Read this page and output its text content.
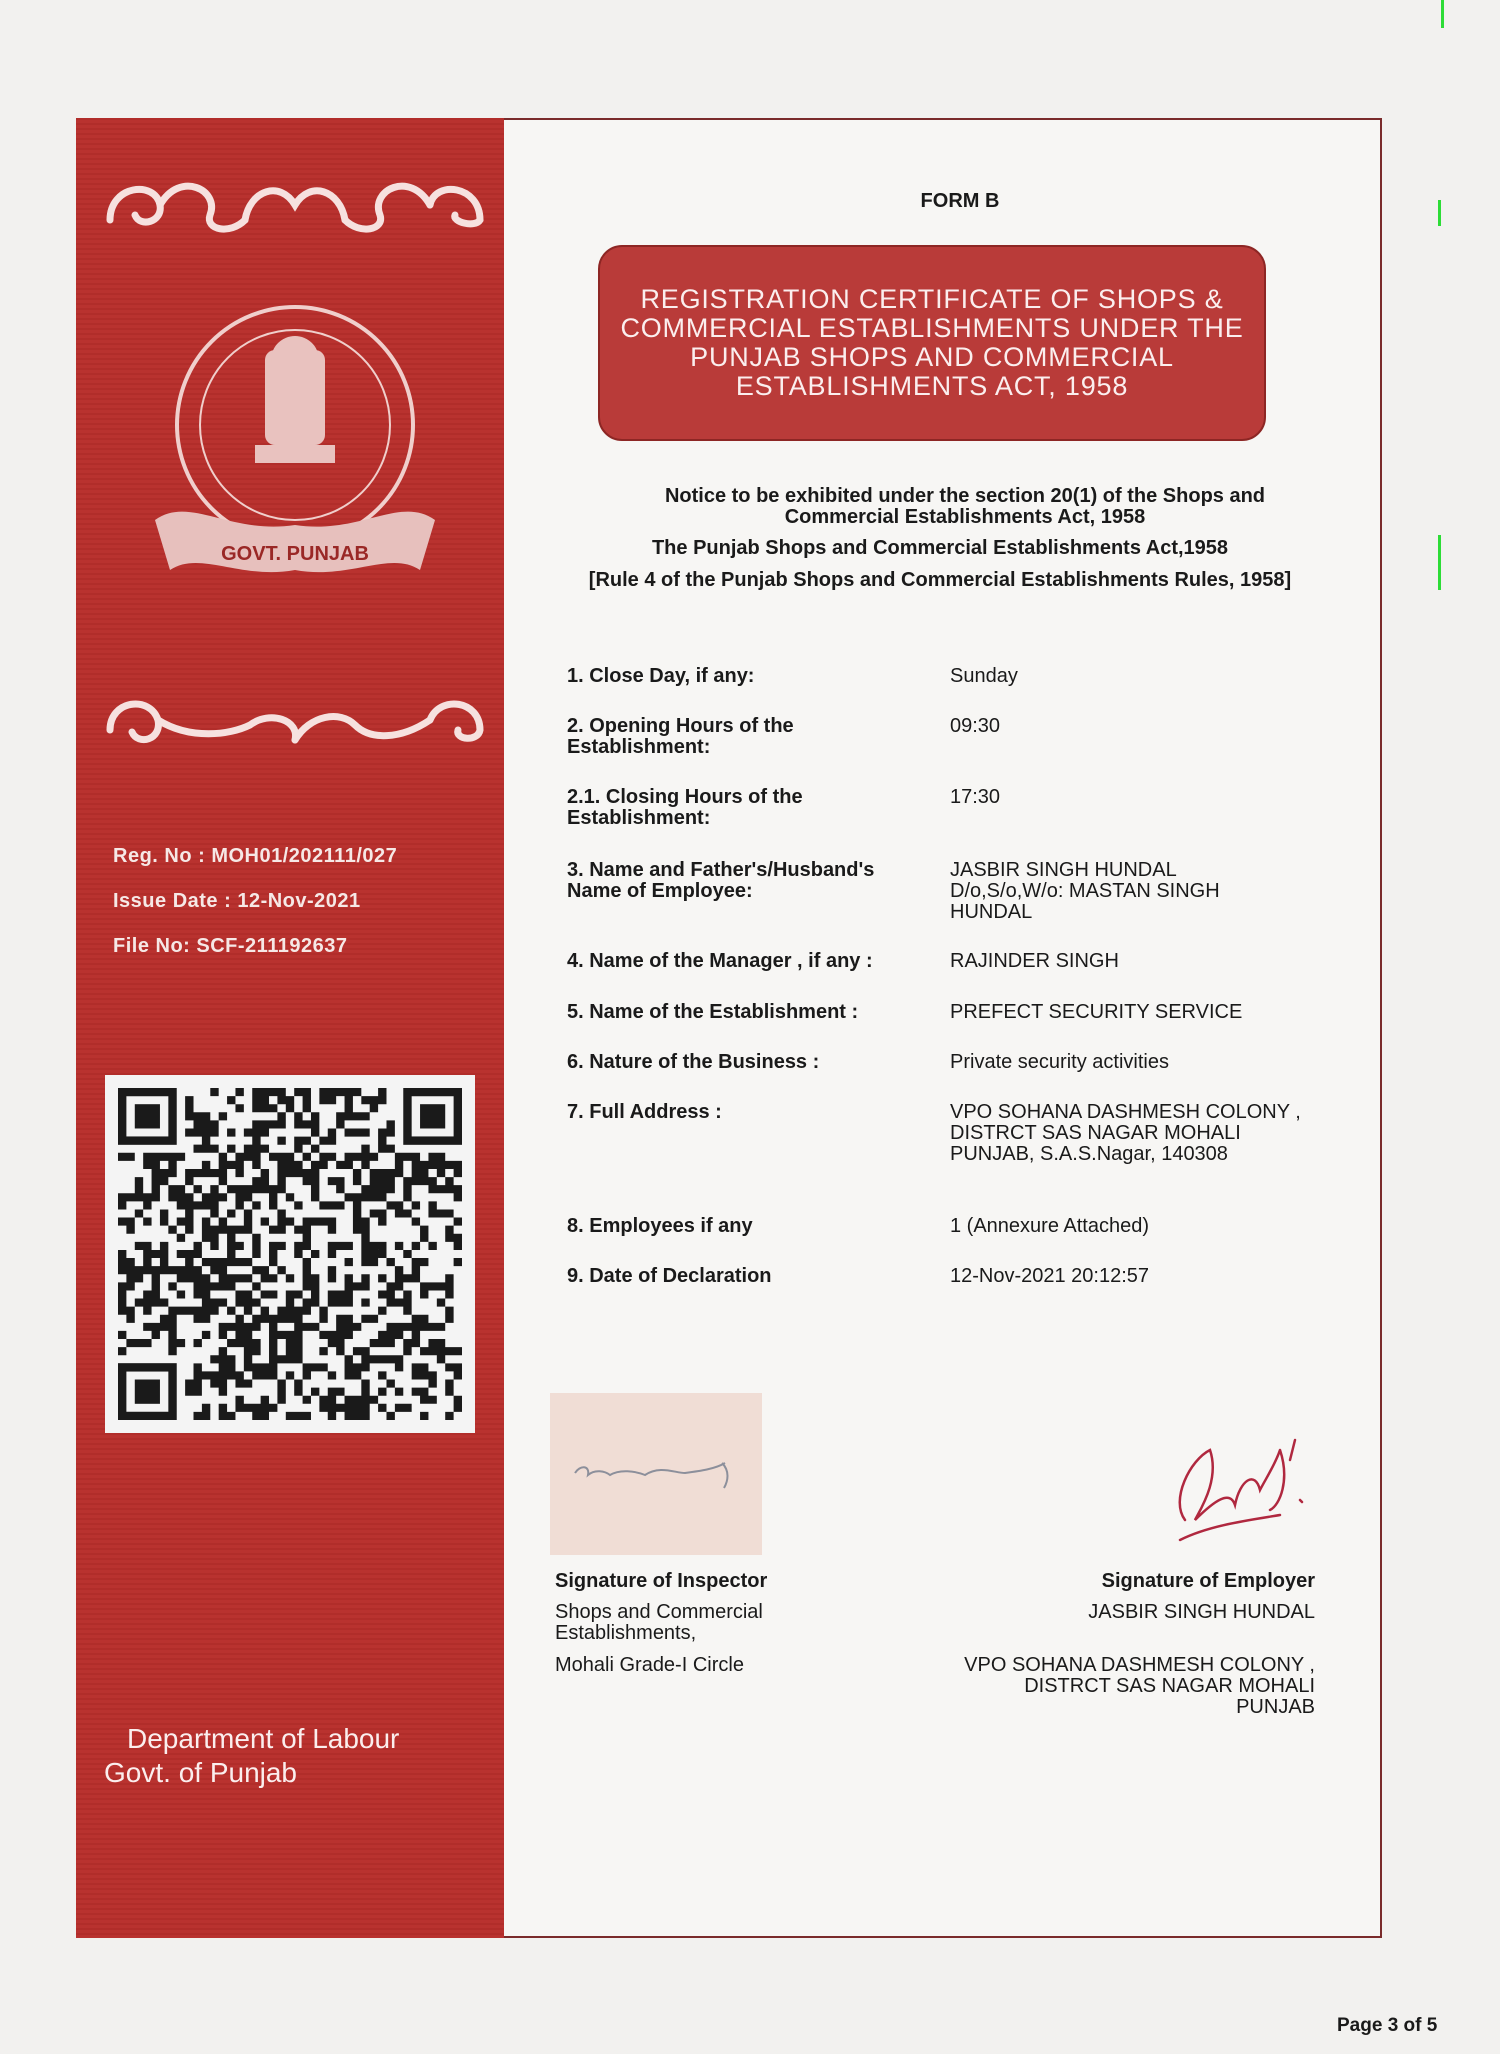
GOVT. PUNJAB
Reg. No : MOH01/202111/027
Issue Date : 12-Nov-2021
File No: SCF-211192637
Department of Labour
Govt. of Punjab
FORM B
REGISTRATION CERTIFICATE OF SHOPS & COMMERCIAL ESTABLISHMENTS UNDER THE PUNJAB SHOPS AND COMMERCIAL ESTABLISHMENTS ACT, 1958
Notice to be exhibited under the section 20(1) of the Shops and Commercial Establishments Act, 1958
The Punjab Shops and Commercial Establishments Act,1958
[Rule 4 of the Punjab Shops and Commercial Establishments Rules, 1958]
1. Close Day, if any:	Sunday
2. Opening Hours of the Establishment:
09:30
2.1. Closing Hours of the Establishment:
17:30
3. Name and Father's/Husband's Name of Employee:
JASBIR SINGH HUNDAL D/o,S/o,W/o: MASTAN SINGH HUNDAL
4. Name of the Manager , if any :	RAJINDER SINGH
5. Name of the Establishment :	PREFECT SECURITY SERVICE
6. Nature of the Business :	Private security activities
7. Full Address :	VPO SOHANA DASHMESH COLONY , DISTRCT SAS NAGAR MOHALI PUNJAB, S.A.S.Nagar, 140308
8. Employees if any	1 (Annexure Attached)
9. Date of Declaration	12-Nov-2021 20:12:57
Signature of Inspector
Shops and Commercial Establishments,
Mohali Grade-I Circle
Signature of Employer
JASBIR SINGH HUNDAL
VPO SOHANA DASHMESH COLONY , DISTRCT SAS NAGAR MOHALI PUNJAB
Page 3 of 5
